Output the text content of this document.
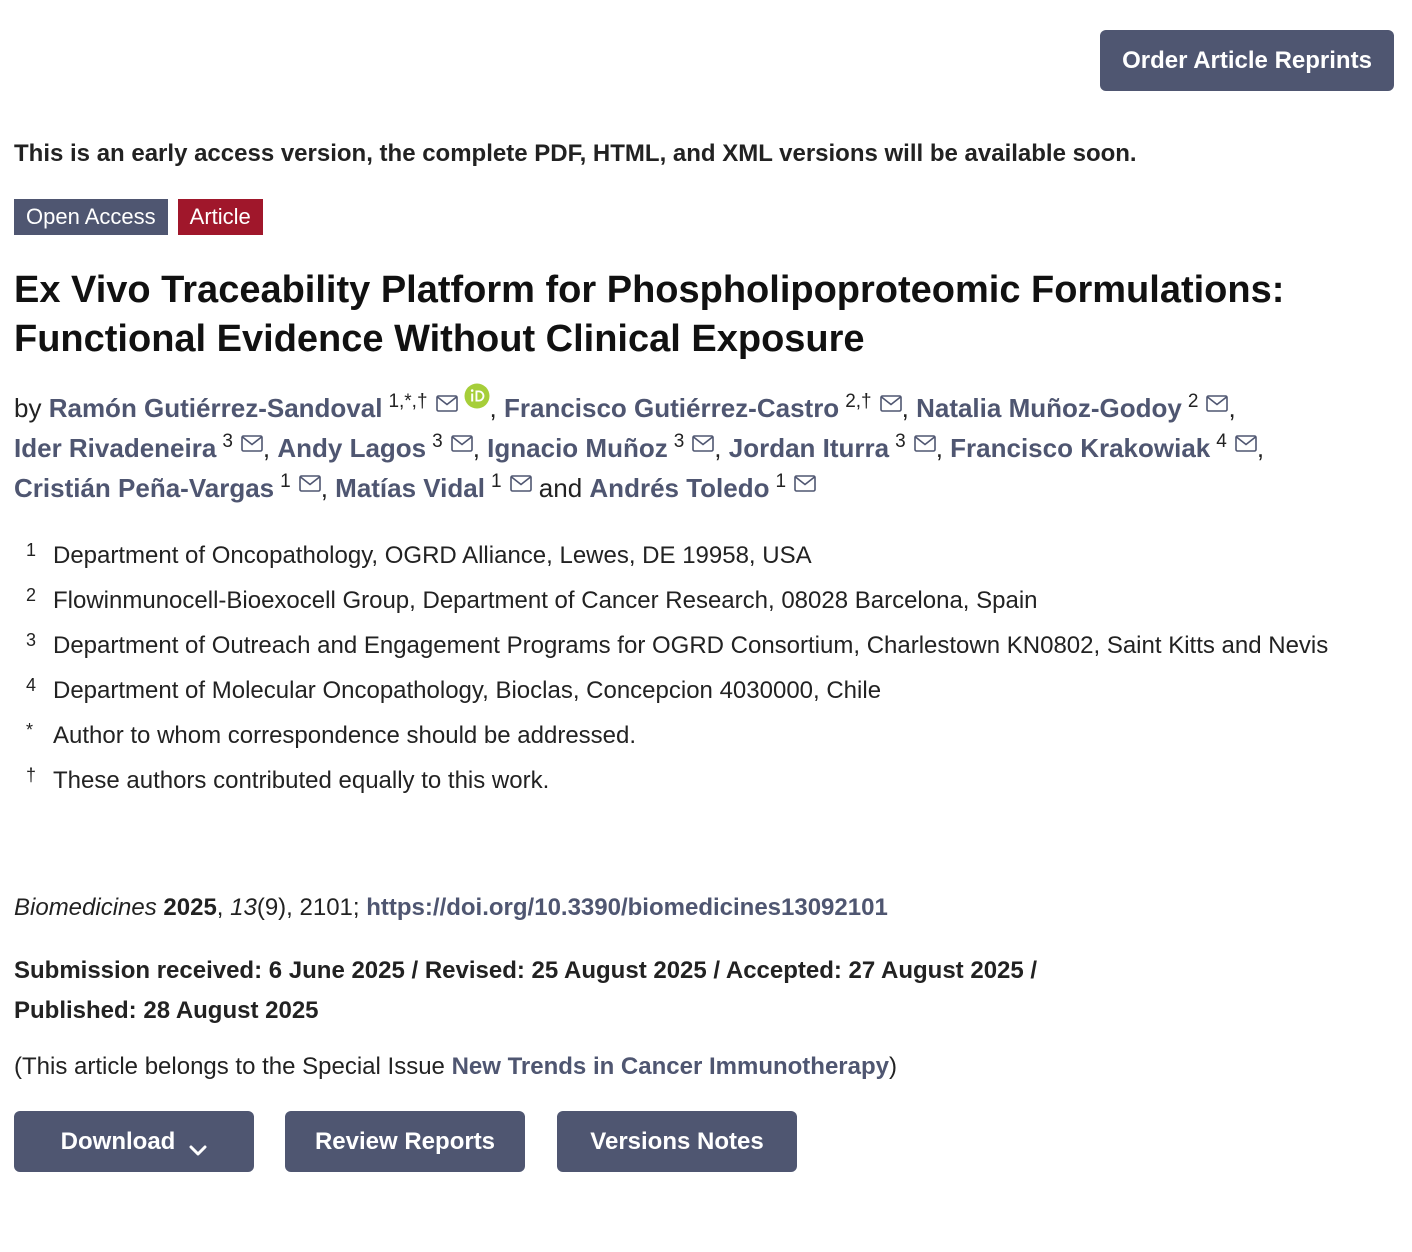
Order Article Reprints
This is an early access version, the complete PDF, HTML, and XML versions will be available soon.
Open Access	Article
Ex Vivo Traceability Platform for Phospholipoproteomic Formulations:
Functional Evidence Without Clinical Exposure
by Ramón Gutiérrez-Sandoval $^{1,*,\dagger}$ , Francisco Gutiérrez-Castro $^{2,\dagger}$ , Natalia Muñoz-Godoy $^2$ ,
Ider Rivadeneira $^3$ , Andy Lagos $^3$ , Ignacio Muñoz $^3$ , Jordan Iturra $^3$ , Francisco Krakowiak $^4$ ,
Cristián Peña-Vargas $^1$ , Matías Vidal $^1$ and Andrés Toledo $^1$
1 Department of Oncopathology, OGRD Alliance, Lewes, DE 19958, USA
2 Flowinmunocell-Bioexocell Group, Department of Cancer Research, 08028 Barcelona, Spain
3 Department of Outreach and Engagement Programs for OGRD Consortium, Charlestown KN0802, Saint Kitts and Nevis
4 Department of Molecular Oncopathology, Bioclas, Concepcion 4030000, Chile
* Author to whom correspondence should be addressed.
† These authors contributed equally to this work.
Biomedicines 2025, 13(9), 2101; https://doi.org/10.3390/biomedicines13092101
Submission received: 6 June 2025 / Revised: 25 August 2025 / Accepted: 27 August 2025 /
Published: 28 August 2025
(This article belongs to the Special Issue New Trends in Cancer Immunotherapy)
Download	Review Reports	Versions Notes
